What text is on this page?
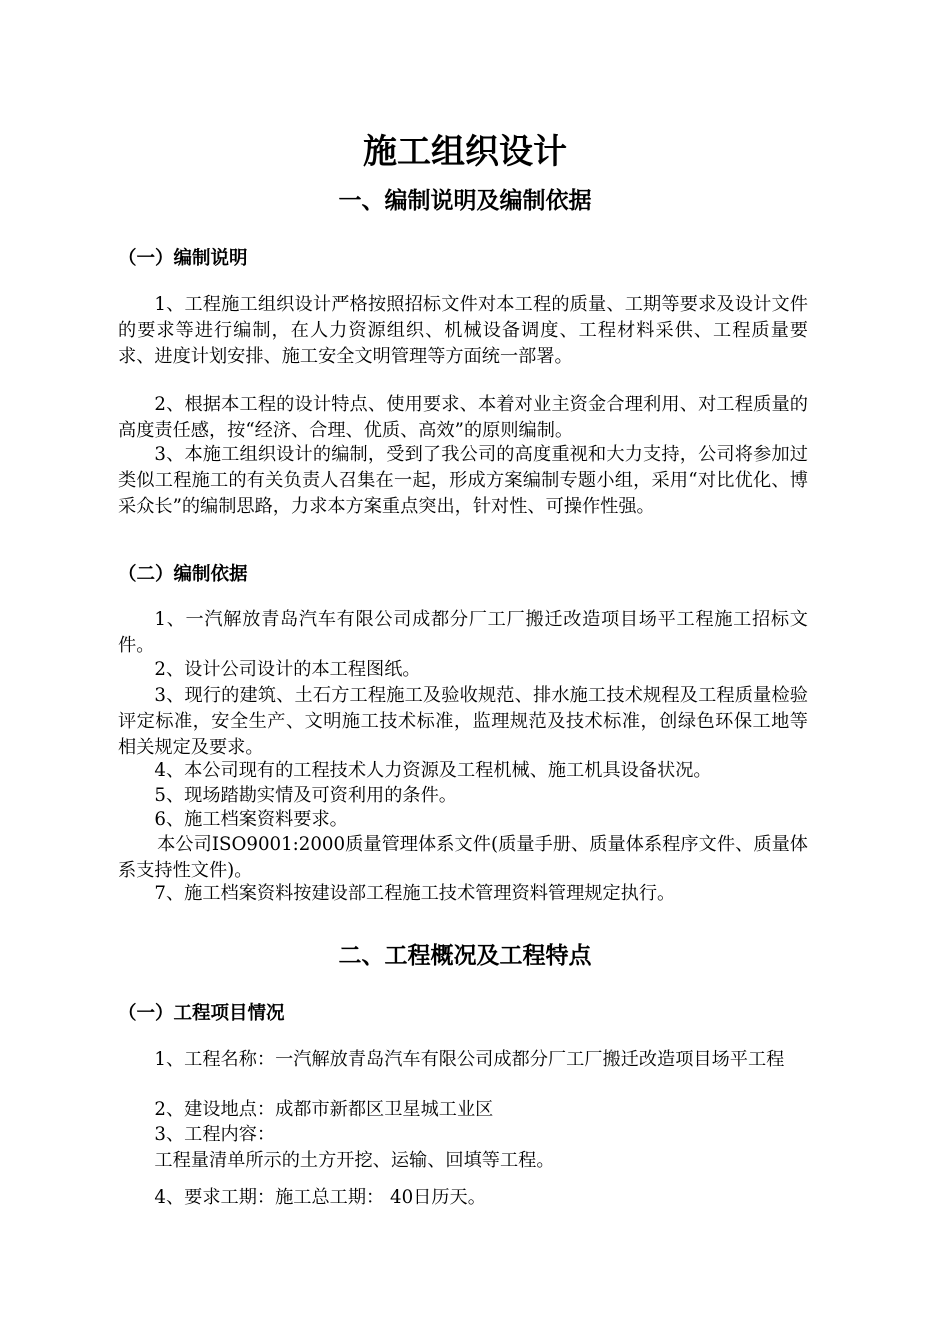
施工组织设计
一、编制说明及编制依据
（一）编制说明

1、工程施工组织设计严格按照招标文件对本工程的质量、工期等要求及设计文件的要求等进行编制，在人力资源组织、机械设备调度、工程材料采供、工程质量要求、进度计划安排、施工安全文明管理等方面统一部署。

2、根据本工程的设计特点、使用要求、本着对业主资金合理利用、对工程质量的高度责任感，按“经济、合理、优质、高效”的原则编制。

3、本施工组织设计的编制，受到了我公司的高度重视和大力支持，公司将参加过类似工程施工的有关负责人召集在一起，形成方案编制专题小组，采用“对比优化、博采众长”的编制思路，力求本方案重点突出，针对性、可操作性强。

（二）编制依据

1、一汽解放青岛汽车有限公司成都分厂工厂搬迁改造项目场平工程施工招标文件。

2、设计公司设计的本工程图纸。

3、现行的建筑、土石方工程施工及验收规范、排水施工技术规程及工程质量检验评定标准，安全生产、文明施工技术标准，监理规范及技术标准，创绿色环保工地等相关规定及要求。

4、本公司现有的工程技术人力资源及工程机械、施工机具设备状况。

5、现场踏勘实情及可资利用的条件。

6、施工档案资料要求。

本公司ISO9001:2000质量管理体系文件(质量手册、质量体系程序文件、质量体系支持性文件)。

7、施工档案资料按建设部工程施工技术管理资料管理规定执行。

二、工程概况及工程特点
（一）工程项目情况

1、工程名称：一汽解放青岛汽车有限公司成都分厂工厂搬迁改造项目场平工程

2、建设地点：成都市新都区卫星城工业区

3、工程内容：

工程量清单所示的土方开挖、运输、回填等工程。

4、要求工期：施工总工期： 40日历天。
